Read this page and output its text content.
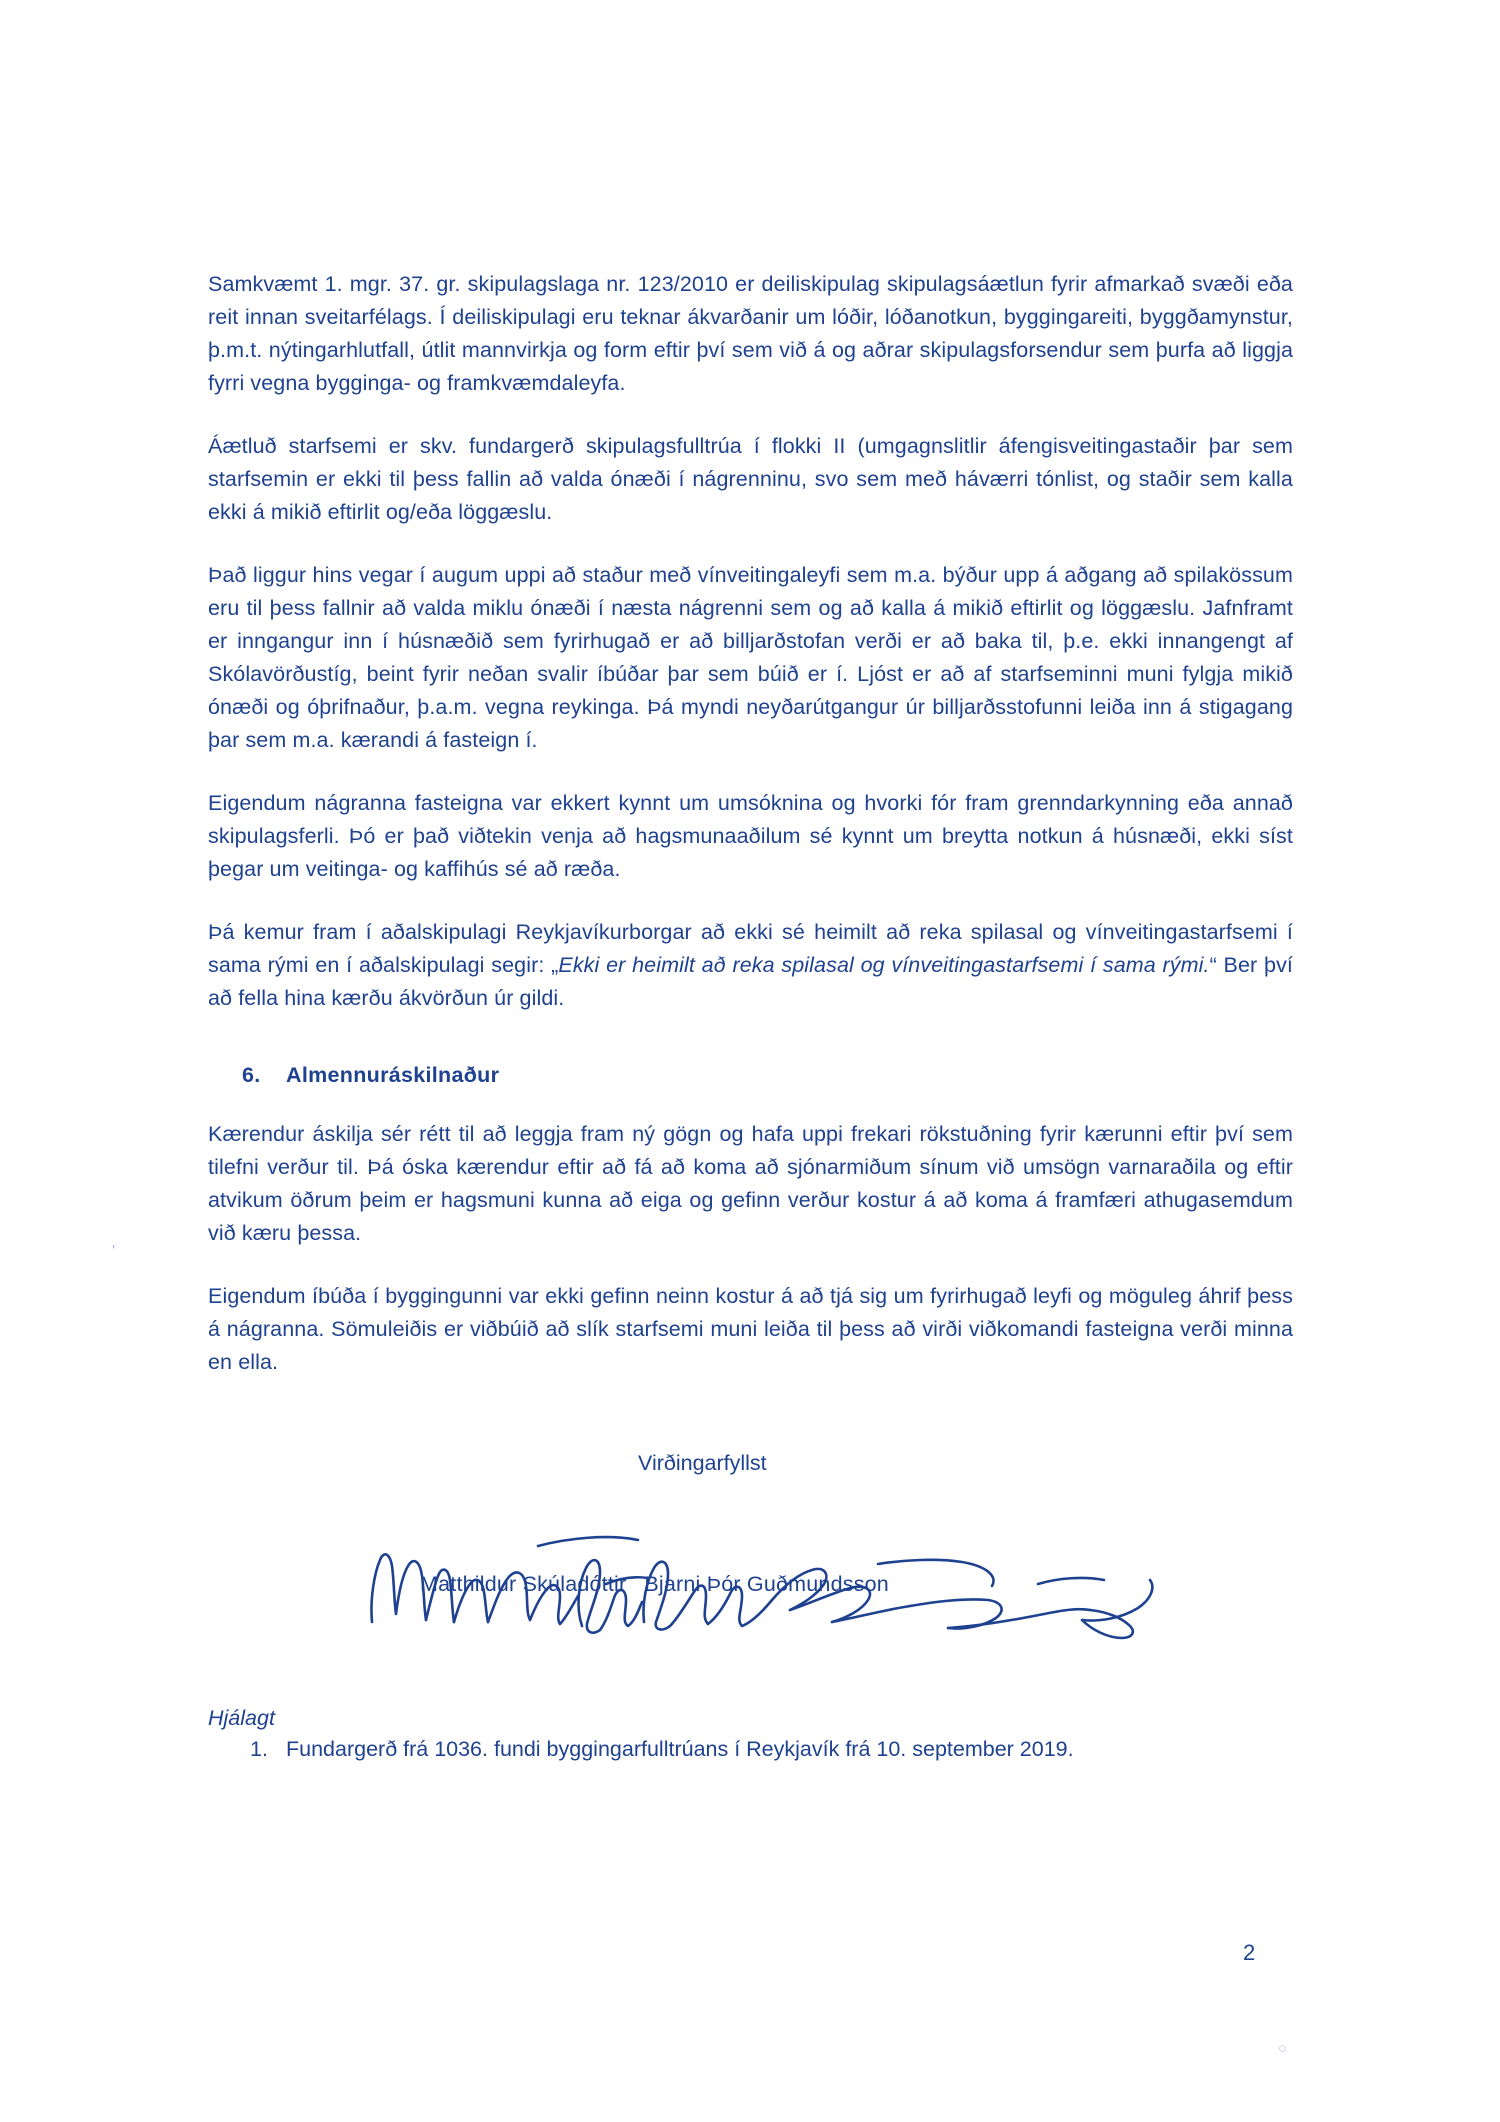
Samkvæmt 1. mgr. 37. gr. skipulagslaga nr. 123/2010 er deiliskipulag skipulagsáætlun fyrir afmarkað svæði eða reit innan sveitarfélags. Í deiliskipulagi eru teknar ákvarðanir um lóðir, lóðanotkun, byggingareiti, byggðamynstur, þ.m.t. nýtingarhlutfall, útlit mannvirkja og form eftir því sem við á og aðrar skipulagsforsendur sem þurfa að liggja fyrri vegna bygginga- og framkvæmdaleyfa.

Áætluð starfsemi er skv. fundargerð skipulagsfulltrúa í flokki II (umgagnslitlir áfengisveitingastaðir þar sem starfsemin er ekki til þess fallin að valda ónæði í nágrenninu, svo sem með háværri tónlist, og staðir sem kalla ekki á mikið eftirlit og/eða löggæslu.

Það liggur hins vegar í augum uppi að staður með vínveitingaleyfi sem m.a. býður upp á aðgang að spilakössum eru til þess fallnir að valda miklu ónæði í næsta nágrenni sem og að kalla á mikið eftirlit og löggæslu. Jafnframt er inngangur inn í húsnæðið sem fyrirhugað er að billjarðstofan verði er að baka til, þ.e. ekki innangengt af Skólavörðustíg, beint fyrir neðan svalir íbúðar þar sem búið er í. Ljóst er að af starfseminni muni fylgja mikið ónæði og óþrifnaður, þ.a.m. vegna reykinga. Þá myndi neyðarútgangur úr billjarðsstofunni leiða inn á stigagang þar sem m.a. kærandi á fasteign í.

Eigendum nágranna fasteigna var ekkert kynnt um umsóknina og hvorki fór fram grenndarkynning eða annað skipulagsferli. Þó er það viðtekin venja að hagsmunaaðilum sé kynnt um breytta notkun á húsnæði, ekki síst þegar um veitinga- og kaffihús sé að ræða.

Þá kemur fram í aðalskipulagi Reykjavíkurborgar að ekki sé heimilt að reka spilasal og vínveitingastarfsemi í sama rými en í aðalskipulagi segir: „Ekki er heimilt að reka spilasal og vínveitingastarfsemi í sama rými.“ Ber því að fella hina kærðu ákvörðun úr gildi.

6. Almennuráskilnaður

Kærendur áskilja sér rétt til að leggja fram ný gögn og hafa uppi frekari rökstuðning fyrir kærunni eftir því sem tilefni verður til. Þá óska kærendur eftir að fá að koma að sjónarmiðum sínum við umsögn varnaraðila og eftir atvikum öðrum þeim er hagsmuni kunna að eiga og gefinn verður kostur á að koma á framfæri athugasemdum við kæru þessa.

Eigendum íbúða í byggingunni var ekki gefinn neinn kostur á að tjá sig um fyrirhugað leyfi og möguleg áhrif þess á nágranna. Sömuleiðis er viðbúið að slík starfsemi muni leiða til þess að virði viðkomandi fasteigna verði minna en ella.

Virðingarfyllst
Matthildur Skúladóttir Bjarni Þór Guðmundsson
Hjálagt
1. Fundargerð frá 1036. fundi byggingarfulltrúans í Reykjavík frá 10. september 2019.
2
'
○
